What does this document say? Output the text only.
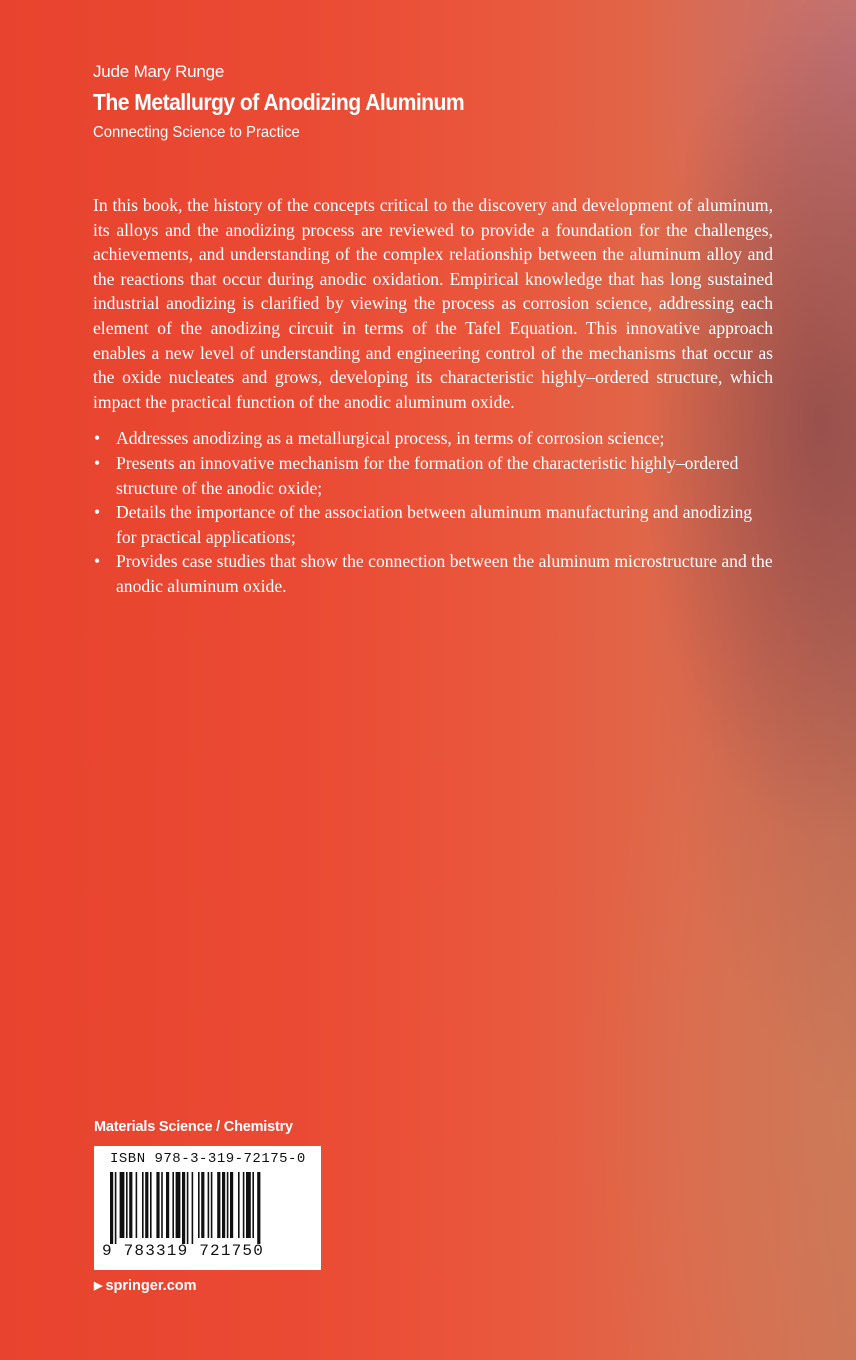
Jude Mary Runge
The Metallurgy of Anodizing Aluminum
Connecting Science to Practice

In this book, the history of the concepts critical to the discovery and development of aluminum, its alloys and the anodizing process are reviewed to provide a foundation for the challenges, achievements, and understanding of the complex relationship between the aluminum alloy and the reactions that occur during anodic oxidation. Empirical knowledge that has long sustained industrial anodizing is clarified by viewing the process as corrosion science, addressing each element of the anodizing circuit in terms of the Tafel Equation. This innovative approach enables a new level of understanding and engineering control of the mechanisms that occur as the oxide nucleates and grows, developing its characteristic highly–ordered structure, which impact the practical function of the anodic aluminum oxide.

• Addresses anodizing as a metallurgical process, in terms of corrosion science;
• Presents an innovative mechanism for the formation of the characteristic highly–ordered structure of the anodic oxide;
• Details the importance of the association between aluminum manufacturing and anodizing for practical applications;
• Provides case studies that show the connection between the aluminum microstructure and the anodic aluminum oxide.
Materials Science / Chemistry
ISBN 978-3-319-72175-0
9 783319 721750
▶ springer.com
